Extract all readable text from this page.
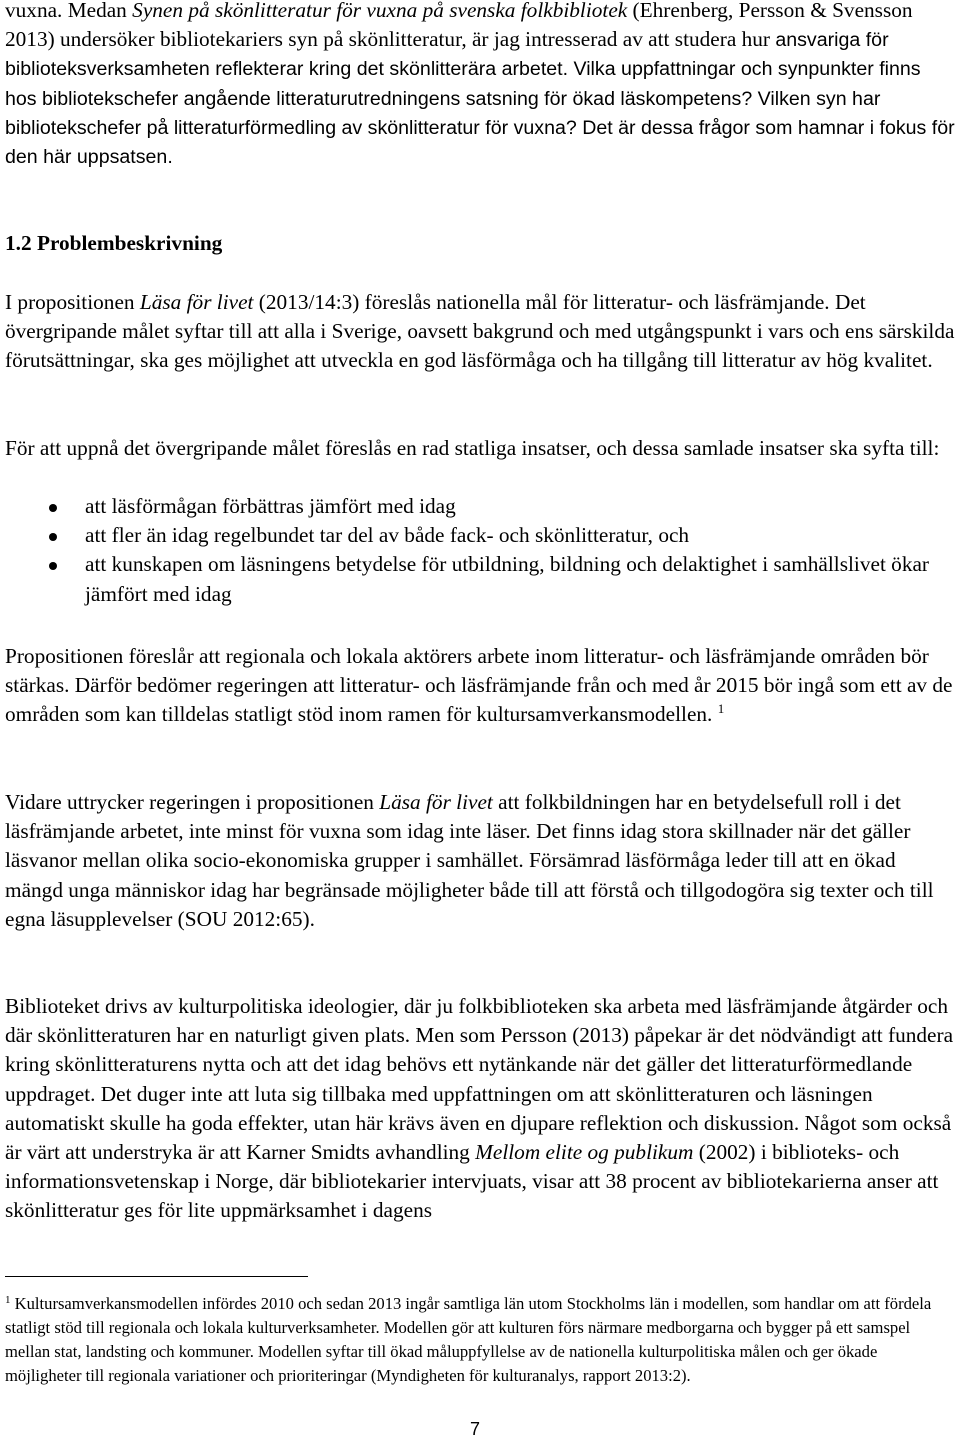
vuxna. Medan Synen på skönlitteratur för vuxna på svenska folkbibliotek (Ehrenberg, Persson & Svensson 2013) undersöker bibliotekariers syn på skönlitteratur, är jag intresserad av att studera hur ansvariga för biblioteksverksamheten reflekterar kring det skönlitterära arbetet. Vilka uppfattningar och synpunkter finns hos bibliotekschefer angående litteraturutredningens satsning för ökad läskompetens? Vilken syn har bibliotekschefer på litteraturförmedling av skönlitteratur för vuxna? Det är dessa frågor som hamnar i fokus för den här uppsatsen.

1.2 Problembeskrivning

I propositionen Läsa för livet (2013/14:3) föreslås nationella mål för litteratur- och läsfrämjande. Det övergripande målet syftar till att alla i Sverige, oavsett bakgrund och med utgångspunkt i vars och ens särskilda förutsättningar, ska ges möjlighet att utveckla en god läsförmåga och ha tillgång till litteratur av hög kvalitet.

För att uppnå det övergripande målet föreslås en rad statliga insatser, och dessa samlade insatser ska syfta till:

att läsförmågan förbättras jämfört med idag
att fler än idag regelbundet tar del av både fack- och skönlitteratur, och
att kunskapen om läsningens betydelse för utbildning, bildning och delaktighet i samhällslivet ökar jämfört med idag

Propositionen föreslår att regionala och lokala aktörers arbete inom litteratur- och läsfrämjande områden bör stärkas. Därför bedömer regeringen att litteratur- och läsfrämjande från och med år 2015 bör ingå som ett av de områden som kan tilldelas statligt stöd inom ramen för kultursamverkansmodellen. $^1$

Vidare uttrycker regeringen i propositionen Läsa för livet att folkbildningen har en betydelsefull roll i det läsfrämjande arbetet, inte minst för vuxna som idag inte läser. Det finns idag stora skillnader när det gäller läsvanor mellan olika socio-ekonomiska grupper i samhället. Försämrad läsförmåga leder till att en ökad mängd unga människor idag har begränsade möjligheter både till att förstå och tillgodogöra sig texter och till egna läsupplevelser (SOU 2012:65).

Biblioteket drivs av kulturpolitiska ideologier, där ju folkbiblioteken ska arbeta med läsfrämjande åtgärder och där skönlitteraturen har en naturligt given plats. Men som Persson (2013) påpekar är det nödvändigt att fundera kring skönlitteraturens nytta och att det idag behövs ett nytänkande när det gäller det litteraturförmedlande uppdraget. Det duger inte att luta sig tillbaka med uppfattningen om att skönlitteraturen och läsningen automatiskt skulle ha goda effekter, utan här krävs även en djupare reflektion och diskussion. Något som också är värt att understryka är att Karner Smidts avhandling Mellom elite og publikum (2002) i biblioteks- och informationsvetenskap i Norge, där bibliotekarier intervjuats, visar att 38 procent av bibliotekarierna anser att skönlitteratur ges för lite uppmärksamhet i dagens

$^1$ Kultursamverkansmodellen infördes 2010 och sedan 2013 ingår samtliga län utom Stockholms län i modellen, som handlar om att fördela statligt stöd till regionala och lokala kulturverksamheter. Modellen gör att kulturen förs närmare medborgarna och bygger på ett samspel mellan stat, landsting och kommuner. Modellen syftar till ökad måluppfyllelse av de nationella kulturpolitiska målen och ger ökade möjligheter till regionala variationer och prioriteringar (Myndigheten för kulturanalys, rapport 2013:2).

7
